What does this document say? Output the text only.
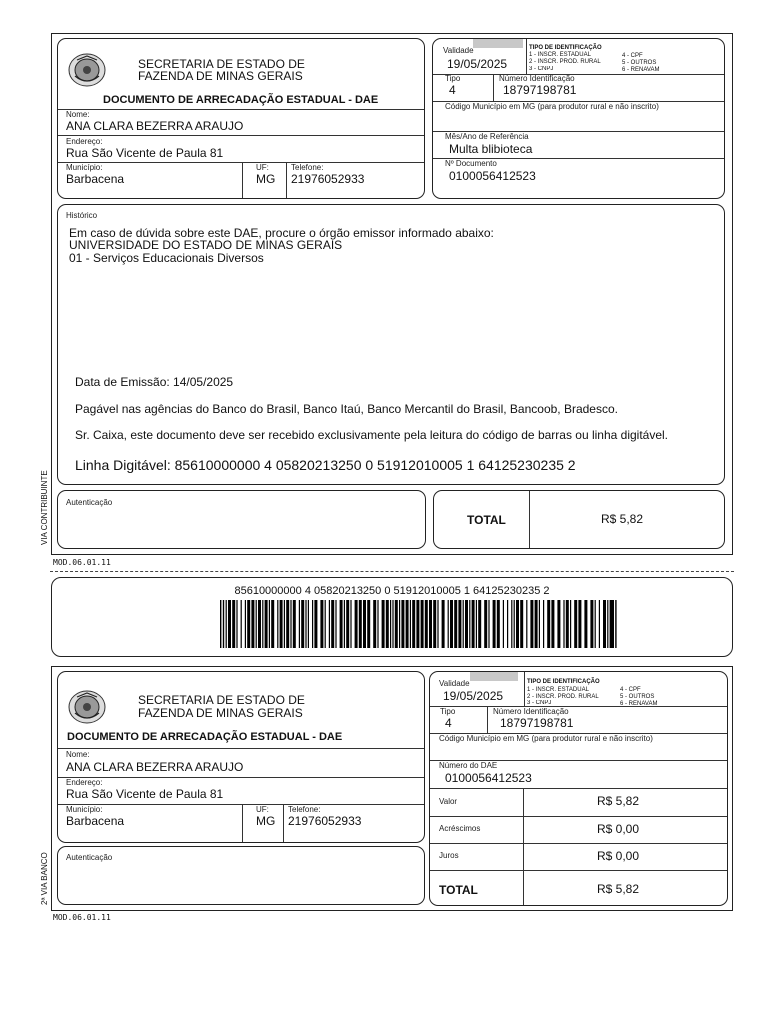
VIA CONTRIBUINTE
SECRETARIA DE ESTADO DE
FAZENDA DE MINAS GERAIS
DOCUMENTO DE ARRECADAÇÃO ESTADUAL - DAE
Nome:
ANA CLARA BEZERRA ARAUJO
Endereço:
Rua São Vicente de Paula 81
Município:
Barbacena
UF:
MG
Telefone:
21976052933
Validade
19/05/2025
TIPO DE IDENTIFICAÇÃO
1 - INSCR. ESTADUAL
2 - INSCR. PROD. RURAL
3 - CNPJ
4 - CPF
5 - OUTROS
6 - RENAVAM
Tipo
4
Número Identificação
18797198781
Código Município em MG (para produtor rural e não inscrito)
Mês/Ano de Referência
Multa blibioteca
Nº Documento
0100056412523
Histórico
Em caso de dúvida sobre este DAE, procure o órgão emissor informado abaixo:
UNIVERSIDADE DO ESTADO DE MINAS GERAIS
01 - Serviços Educacionais Diversos
Data de Emissão: 14/05/2025
Pagável nas agências do Banco do Brasil, Banco Itaú, Banco Mercantil do Brasil, Bancoob, Bradesco.
Sr. Caixa, este documento deve ser recebido exclusivamente pela leitura do código de barras ou linha digitável.
Linha Digitável: 85610000000 4 05820213250 0 51912010005 1 64125230235 2
Autenticação
TOTAL	R$ 5,82
MOD.06.01.11
85610000000 4 05820213250 0 51912010005 1 64125230235 2
2ª VIA BANCO
SECRETARIA DE ESTADO DE
FAZENDA DE MINAS GERAIS
DOCUMENTO DE ARRECADAÇÃO ESTADUAL - DAE
Nome:
ANA CLARA BEZERRA ARAUJO
Endereço:
Rua São Vicente de Paula 81
Município:
Barbacena
UF:
MG
Telefone:
21976052933
Autenticação
Validade
19/05/2025
TIPO DE IDENTIFICAÇÃO
1 - INSCR. ESTADUAL
2 - INSCR. PROD. RURAL
3 - CNPJ
4 - CPF
5 - OUTROS
6 - RENAVAM
Tipo
4
Número Identificação
18797198781
Código Município em MG (para produtor rural e não inscrito)
Número do DAE
0100056412523
Valor	R$ 5,82
Acréscimos	R$ 0,00
Juros	R$ 0,00
TOTAL	R$ 5,82
MOD.06.01.11
